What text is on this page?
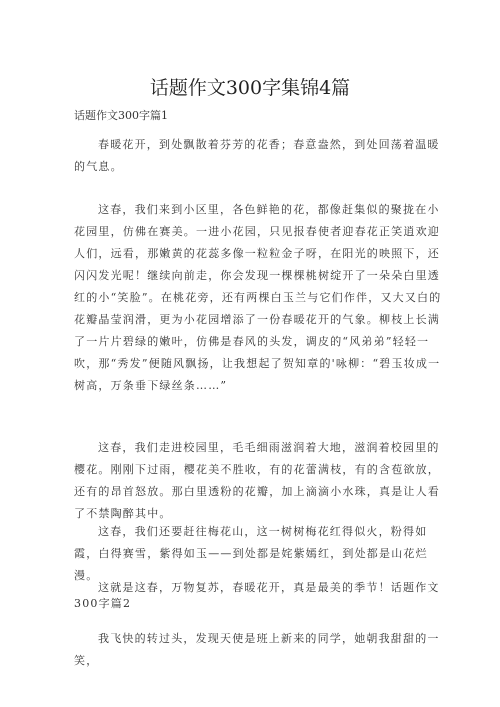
话题作文300字集锦4篇
话题作文300字篇1

春暖花开，到处飘散着芬芳的花香；春意盎然，到处回荡着温暖的气息。

这春，我们来到小区里，各色鲜艳的花，都像赶集似的聚拢在小花园里，仿佛在赛美。一进小花园，只见报春使者迎春花正笑逍欢迎人们，远看，那嫩黄的花蕊多像一粒粒金子呀，在阳光的映照下，还闪闪发光呢！继续向前走，你会发现一棵棵桃树绽开了一朵朵白里透红的小“笑脸”。在桃花旁，还有两棵白玉兰与它们作伴，又大又白的花瓣晶莹润滑，更为小花园增添了一份春暖花开的气象。柳枝上长满了一片片碧绿的嫩叶，仿佛是春风的头发，调皮的“风弟弟”轻轻一吹，那“秀发”便随风飘扬，让我想起了贺知章的'咏柳：“碧玉妆成一树高，万条垂下绿丝条……”

这春，我们走进校园里，毛毛细雨滋润着大地，滋润着校园里的樱花。刚刚下过雨，樱花美不胜收，有的花蕾满枝，有的含苞欲放，还有的昂首怒放。那白里透粉的花瓣，加上滴滴小水珠，真是让人看了不禁陶醉其中。

这春，我们还要赶往梅花山，这一树树梅花红得似火，粉得如霞，白得赛雪，紫得如玉——到处都是姹紫嫣红，到处都是山花烂漫。

这就是这春，万物复苏，春暖花开，真是最美的季节！话题作文300字篇2

我飞快的转过头，发现天使是班上新来的同学，她朝我甜甜的一笑，
